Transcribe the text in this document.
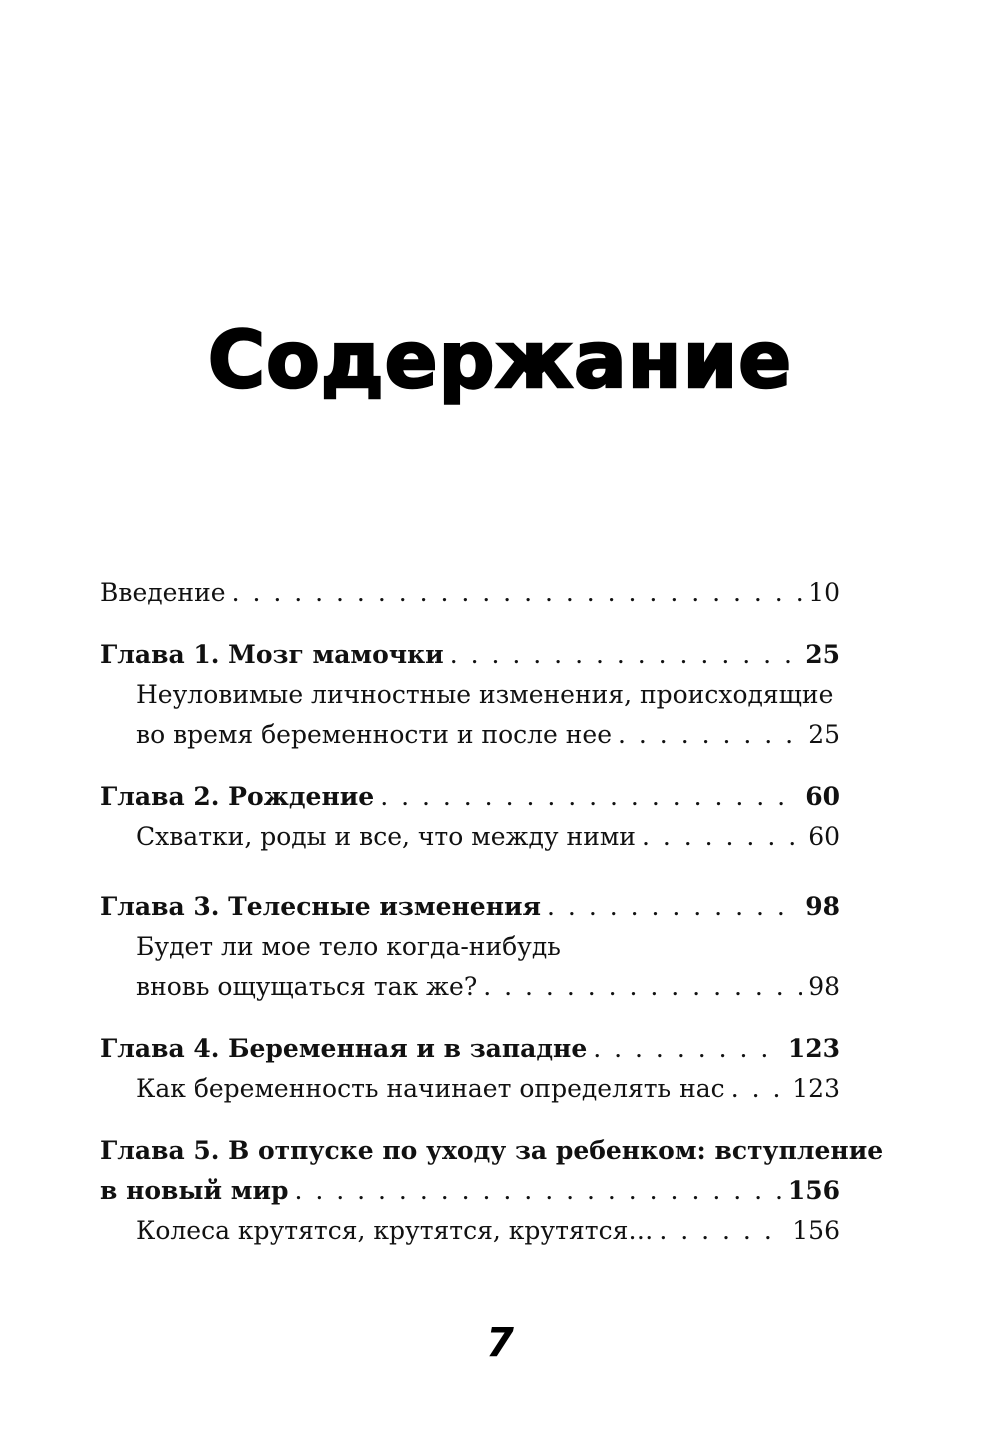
Содержание
Введение . . .	10
Глава 1. Мозг мамочки . . .	25
Неуловимые личностные изменения, происходящие
во время беременности и после нее . . .	25
Глава 2. Рождение . . .	60
Схватки, роды и все, что между ними . . .	60
Глава 3. Телесные изменения . . .	98
Будет ли мое тело когда-нибудь
вновь ощущаться так же? . . .	98
Глава 4. Беременная и в западне . . .	123
Как беременность начинает определять нас . . .	123
Глава 5. В отпуске по уходу за ребенком: вступление
в новый мир . . .	156
Колеса крутятся, крутятся, крутятся… . . .	156
7
